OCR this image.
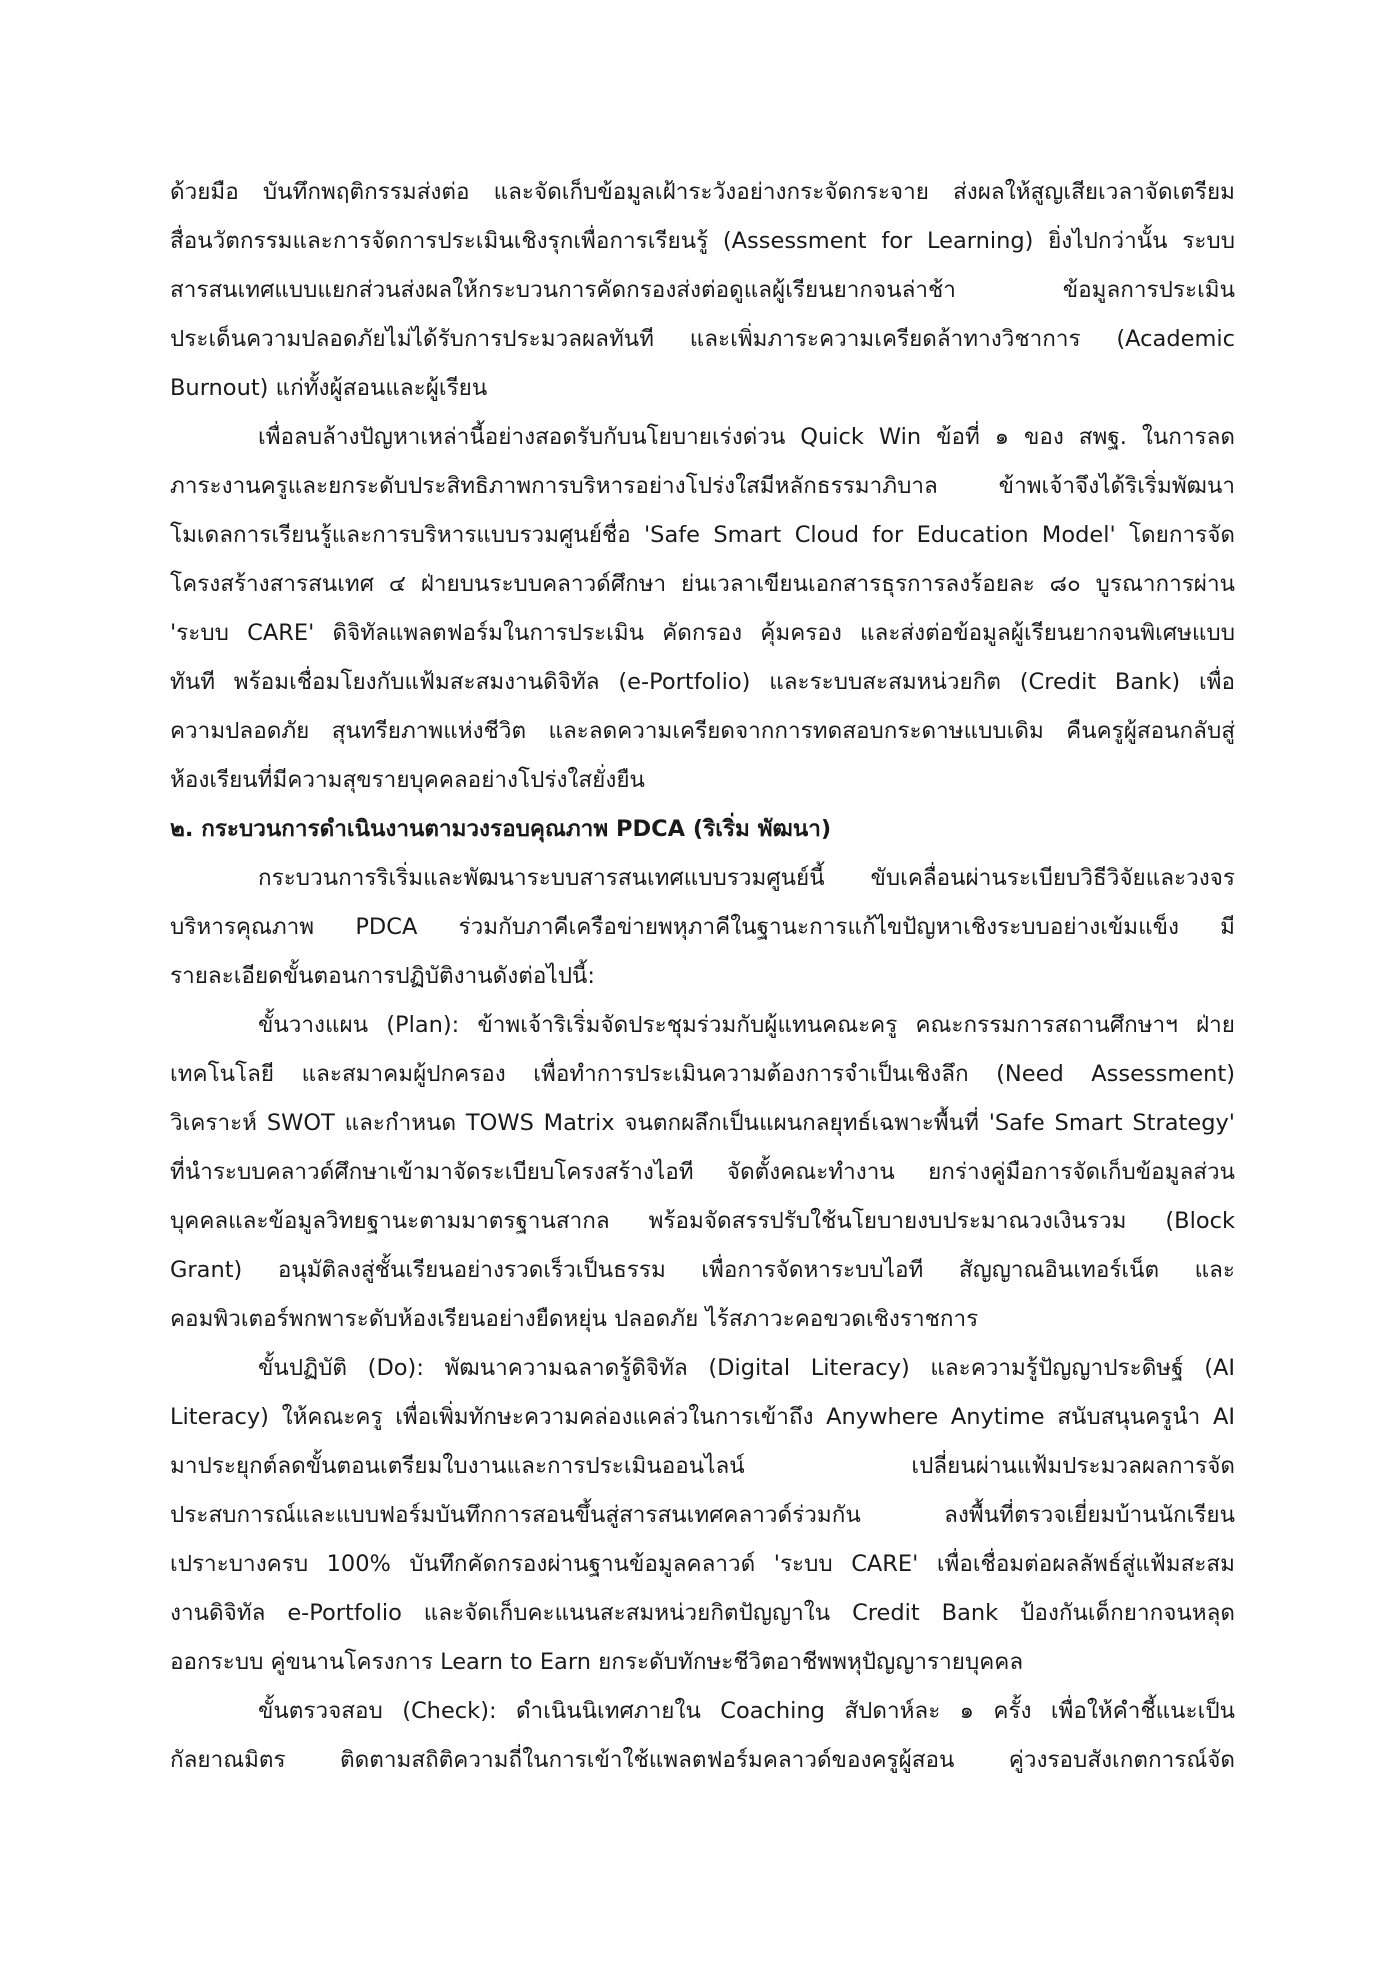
ด้วยมือ บันทึกพฤติกรรมส่งต่อ และจัดเก็บข้อมูลเฝ้าระวังอย่างกระจัดกระจาย ส่งผลให้สูญเสียเวลาจัดเตรียม
สื่อนวัตกรรมและการจัดการประเมินเชิงรุกเพื่อการเรียนรู้ (Assessment for Learning) ยิ่งไปกว่านั้น ระบบ
สารสนเทศแบบแยกส่วนส่งผลให้กระบวนการคัดกรองส่งต่อดูแลผู้เรียนยากจนล่าช้า ข้อมูลการประเมิน
ประเด็นความปลอดภัยไม่ได้รับการประมวลผลทันที และเพิ่มภาระความเครียดล้าทางวิชาการ (Academic
Burnout) แก่ทั้งผู้สอนและผู้เรียน
เพื่อลบล้างปัญหาเหล่านี้อย่างสอดรับกับนโยบายเร่งด่วน Quick Win ข้อที่ ๑ ของ สพฐ. ในการลด
ภาระงานครูและยกระดับประสิทธิภาพการบริหารอย่างโปร่งใสมีหลักธรรมาภิบาล ข้าพเจ้าจึงได้ริเริ่มพัฒนา
โมเดลการเรียนรู้และการบริหารแบบรวมศูนย์ชื่อ 'Safe Smart Cloud for Education Model' โดยการจัด
โครงสร้างสารสนเทศ ๔ ฝ่ายบนระบบคลาวด์ศึกษา ย่นเวลาเขียนเอกสารธุรการลงร้อยละ ๘๐ บูรณาการผ่าน
'ระบบ CARE' ดิจิทัลแพลตฟอร์มในการประเมิน คัดกรอง คุ้มครอง และส่งต่อข้อมูลผู้เรียนยากจนพิเศษแบบ
ทันที พร้อมเชื่อมโยงกับแฟ้มสะสมงานดิจิทัล (e-Portfolio) และระบบสะสมหน่วยกิต (Credit Bank) เพื่อ
ความปลอดภัย สุนทรียภาพแห่งชีวิต และลดความเครียดจากการทดสอบกระดาษแบบเดิม คืนครูผู้สอนกลับสู่
ห้องเรียนที่มีความสุขรายบุคคลอย่างโปร่งใสยั่งยืน
๒. กระบวนการดำเนินงานตามวงรอบคุณภาพ PDCA (ริเริ่ม พัฒนา)
กระบวนการริเริ่มและพัฒนาระบบสารสนเทศแบบรวมศูนย์นี้ ขับเคลื่อนผ่านระเบียบวิธีวิจัยและวงจร
บริหารคุณภาพ PDCA ร่วมกับภาคีเครือข่ายพหุภาคีในฐานะการแก้ไขปัญหาเชิงระบบอย่างเข้มแข็ง มี
รายละเอียดขั้นตอนการปฏิบัติงานดังต่อไปนี้:
ขั้นวางแผน (Plan): ข้าพเจ้าริเริ่มจัดประชุมร่วมกับผู้แทนคณะครู คณะกรรมการสถานศึกษาฯ ฝ่าย
เทคโนโลยี และสมาคมผู้ปกครอง เพื่อทำการประเมินความต้องการจำเป็นเชิงลึก (Need Assessment)
วิเคราะห์ SWOT และกำหนด TOWS Matrix จนตกผลึกเป็นแผนกลยุทธ์เฉพาะพื้นที่ 'Safe Smart Strategy'
ที่นำระบบคลาวด์ศึกษาเข้ามาจัดระเบียบโครงสร้างไอที จัดตั้งคณะทำงาน ยกร่างคู่มือการจัดเก็บข้อมูลส่วน
บุคคลและข้อมูลวิทยฐานะตามมาตรฐานสากล พร้อมจัดสรรปรับใช้นโยบายงบประมาณวงเงินรวม (Block
Grant) อนุมัติลงสู่ชั้นเรียนอย่างรวดเร็วเป็นธรรม เพื่อการจัดหาระบบไอที สัญญาณอินเทอร์เน็ต และ
คอมพิวเตอร์พกพาระดับห้องเรียนอย่างยืดหยุ่น ปลอดภัย ไร้สภาวะคอขวดเชิงราชการ
ขั้นปฏิบัติ (Do): พัฒนาความฉลาดรู้ดิจิทัล (Digital Literacy) และความรู้ปัญญาประดิษฐ์ (AI
Literacy) ให้คณะครู เพื่อเพิ่มทักษะความคล่องแคล่วในการเข้าถึง Anywhere Anytime สนับสนุนครูนำ AI
มาประยุกต์ลดขั้นตอนเตรียมใบงานและการประเมินออนไลน์ เปลี่ยนผ่านแฟ้มประมวลผลการจัด
ประสบการณ์และแบบฟอร์มบันทึกการสอนขึ้นสู่สารสนเทศคลาวด์ร่วมกัน ลงพื้นที่ตรวจเยี่ยมบ้านนักเรียน
เปราะบางครบ 100% บันทึกคัดกรองผ่านฐานข้อมูลคลาวด์ 'ระบบ CARE' เพื่อเชื่อมต่อผลลัพธ์สู่แฟ้มสะสม
งานดิจิทัล e-Portfolio และจัดเก็บคะแนนสะสมหน่วยกิตปัญญาใน Credit Bank ป้องกันเด็กยากจนหลุด
ออกระบบ คู่ขนานโครงการ Learn to Earn ยกระดับทักษะชีวิตอาชีพพหุปัญญารายบุคคล
ขั้นตรวจสอบ (Check): ดำเนินนิเทศภายใน Coaching สัปดาห์ละ ๑ ครั้ง เพื่อให้คำชี้แนะเป็น
กัลยาณมิตร ติดตามสถิติความถี่ในการเข้าใช้แพลตฟอร์มคลาวด์ของครูผู้สอน คู่วงรอบสังเกตการณ์จัด
